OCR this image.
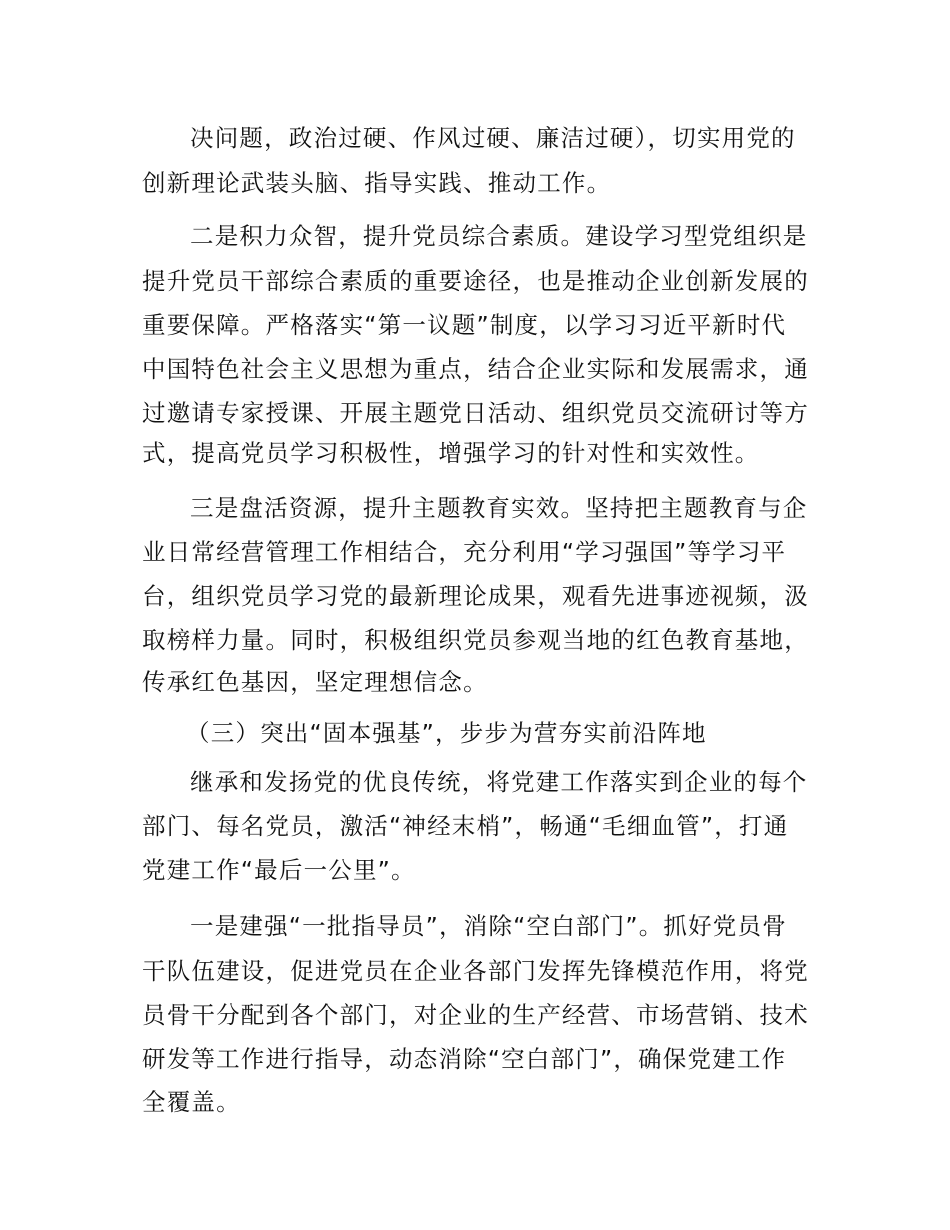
决问题，政治过硬、作风过硬、廉洁过硬），切实用党的
创新理论武装头脑、指导实践、推动工作。
二是积力众智，提升党员综合素质。建设学习型党组织是
提升党员干部综合素质的重要途径，也是推动企业创新发展的
重要保障。严格落实“第一议题”制度，以学习习近平新时代
中国特色社会主义思想为重点，结合企业实际和发展需求，通
过邀请专家授课、开展主题党日活动、组织党员交流研讨等方
式，提高党员学习积极性，增强学习的针对性和实效性。
三是盘活资源，提升主题教育实效。坚持把主题教育与企
业日常经营管理工作相结合，充分利用“学习强国”等学习平
台，组织党员学习党的最新理论成果，观看先进事迹视频，汲
取榜样力量。同时，积极组织党员参观当地的红色教育基地，
传承红色基因，坚定理想信念。
（三）突出“固本强基”，步步为营夯实前沿阵地
继承和发扬党的优良传统，将党建工作落实到企业的每个
部门、每名党员，激活“神经末梢”，畅通“毛细血管”，打通
党建工作“最后一公里”。
一是建强“一批指导员”，消除“空白部门”。抓好党员骨
干队伍建设，促进党员在企业各部门发挥先锋模范作用，将党
员骨干分配到各个部门，对企业的生产经营、市场营销、技术
研发等工作进行指导，动态消除“空白部门”，确保党建工作
全覆盖。
